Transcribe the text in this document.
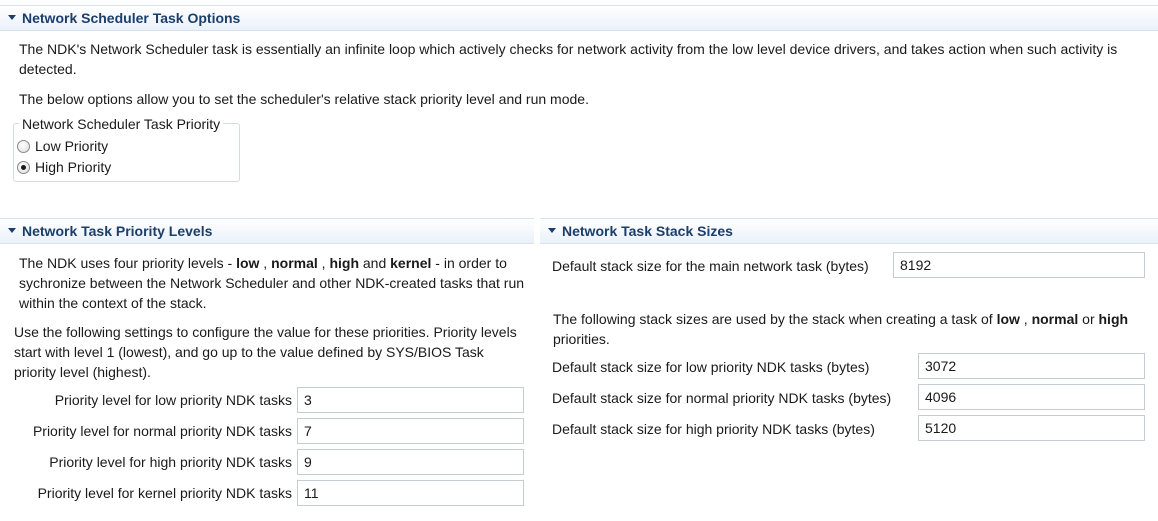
Network Scheduler Task Options
The NDK's Network Scheduler task is essentially an infinite loop which actively checks for network activity from the low level device drivers, and takes action when such activity is detected.
The below options allow you to set the scheduler's relative stack priority level and run mode.
Network Scheduler Task Priority
Low Priority
High Priority
Network Task Priority Levels
The NDK uses four priority levels - low , normal , high and kernel - in order to sychronize between the Network Scheduler and other NDK-created tasks that run within the context of the stack.
Use the following settings to configure the value for these priorities. Priority levels start with level 1 (lowest), and go up to the value defined by SYS/BIOS Task priority level (highest).
Priority level for low priority NDK tasks
3
Priority level for normal priority NDK tasks
7
Priority level for high priority NDK tasks
9
Priority level for kernel priority NDK tasks
11
Network Task Stack Sizes
Default stack size for the main network task (bytes)
8192
The following stack sizes are used by the stack when creating a task of low , normal or high priorities.
Default stack size for low priority NDK tasks (bytes)
3072
Default stack size for normal priority NDK tasks (bytes)
4096
Default stack size for high priority NDK tasks (bytes)
5120
